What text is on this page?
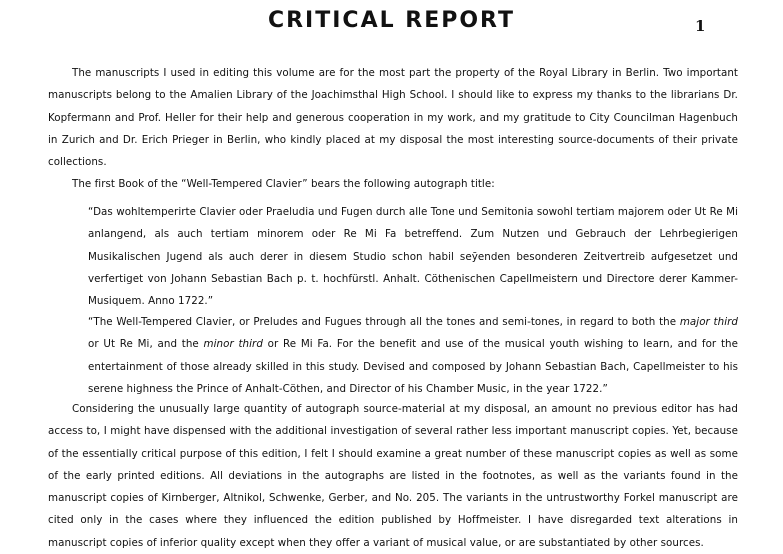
CRITICAL REPORT	1

The manuscripts I used in editing this volume are for the most part the property of the Royal Library in Berlin. Two important manuscripts belong to the Amalien Library of the Joachimsthal High School. I should like to express my thanks to the librarians Dr. Kopfermann and Prof. Heller for their help and generous cooperation in my work, and my gratitude to City Councilman Hagenbuch in Zurich and Dr. Erich Prieger in Berlin, who kindly placed at my disposal the most interesting source-documents of their private collections.

The first Book of the “Well-Tempered Clavier” bears the following autograph title:

“Das wohltemperirte Clavier oder Praeludia und Fugen durch alle Tone und Semitonia sowohl tertiam majorem oder Ut Re Mi anlangend, als auch tertiam minorem oder Re Mi Fa betreffend. Zum Nutzen und Gebrauch der Lehrbegierigen Musikalischen Jugend als auch derer in diesem Studio schon habil seȳenden besonderen Zeitvertreib aufgesetzet und verfertiget von Johann Sebastian Bach p. t. hochfürstl. Anhalt. Cöthenischen Capellmeistern und Directore derer Kammer-Musiquem. Anno 1722.”

“The Well-Tempered Clavier, or Preludes and Fugues through all the tones and semi-tones, in regard to both the major third or Ut Re Mi, and the minor third or Re Mi Fa. For the benefit and use of the musical youth wishing to learn, and for the entertainment of those already skilled in this study. Devised and composed by Johann Sebastian Bach, Capellmeister to his serene highness the Prince of Anhalt-Cöthen, and Director of his Chamber Music, in the year 1722.”

Considering the unusually large quantity of autograph source-material at my disposal, an amount no previous editor has had access to, I might have dispensed with the additional investigation of several rather less important manuscript copies. Yet, because of the essentially critical purpose of this edition, I felt I should examine a great number of these manuscript copies as well as some of the early printed editions. All deviations in the autographs are listed in the footnotes, as well as the variants found in the manuscript copies of Kirnberger, Altnikol, Schwenke, Gerber, and No. 205. The variants in the untrustworthy Forkel manuscript are cited only in the cases where they influenced the edition published by Hoffmeister. I have disregarded text alterations in manuscript copies of inferior quality except when they offer a variant of musical value, or are substantiated by other sources.
